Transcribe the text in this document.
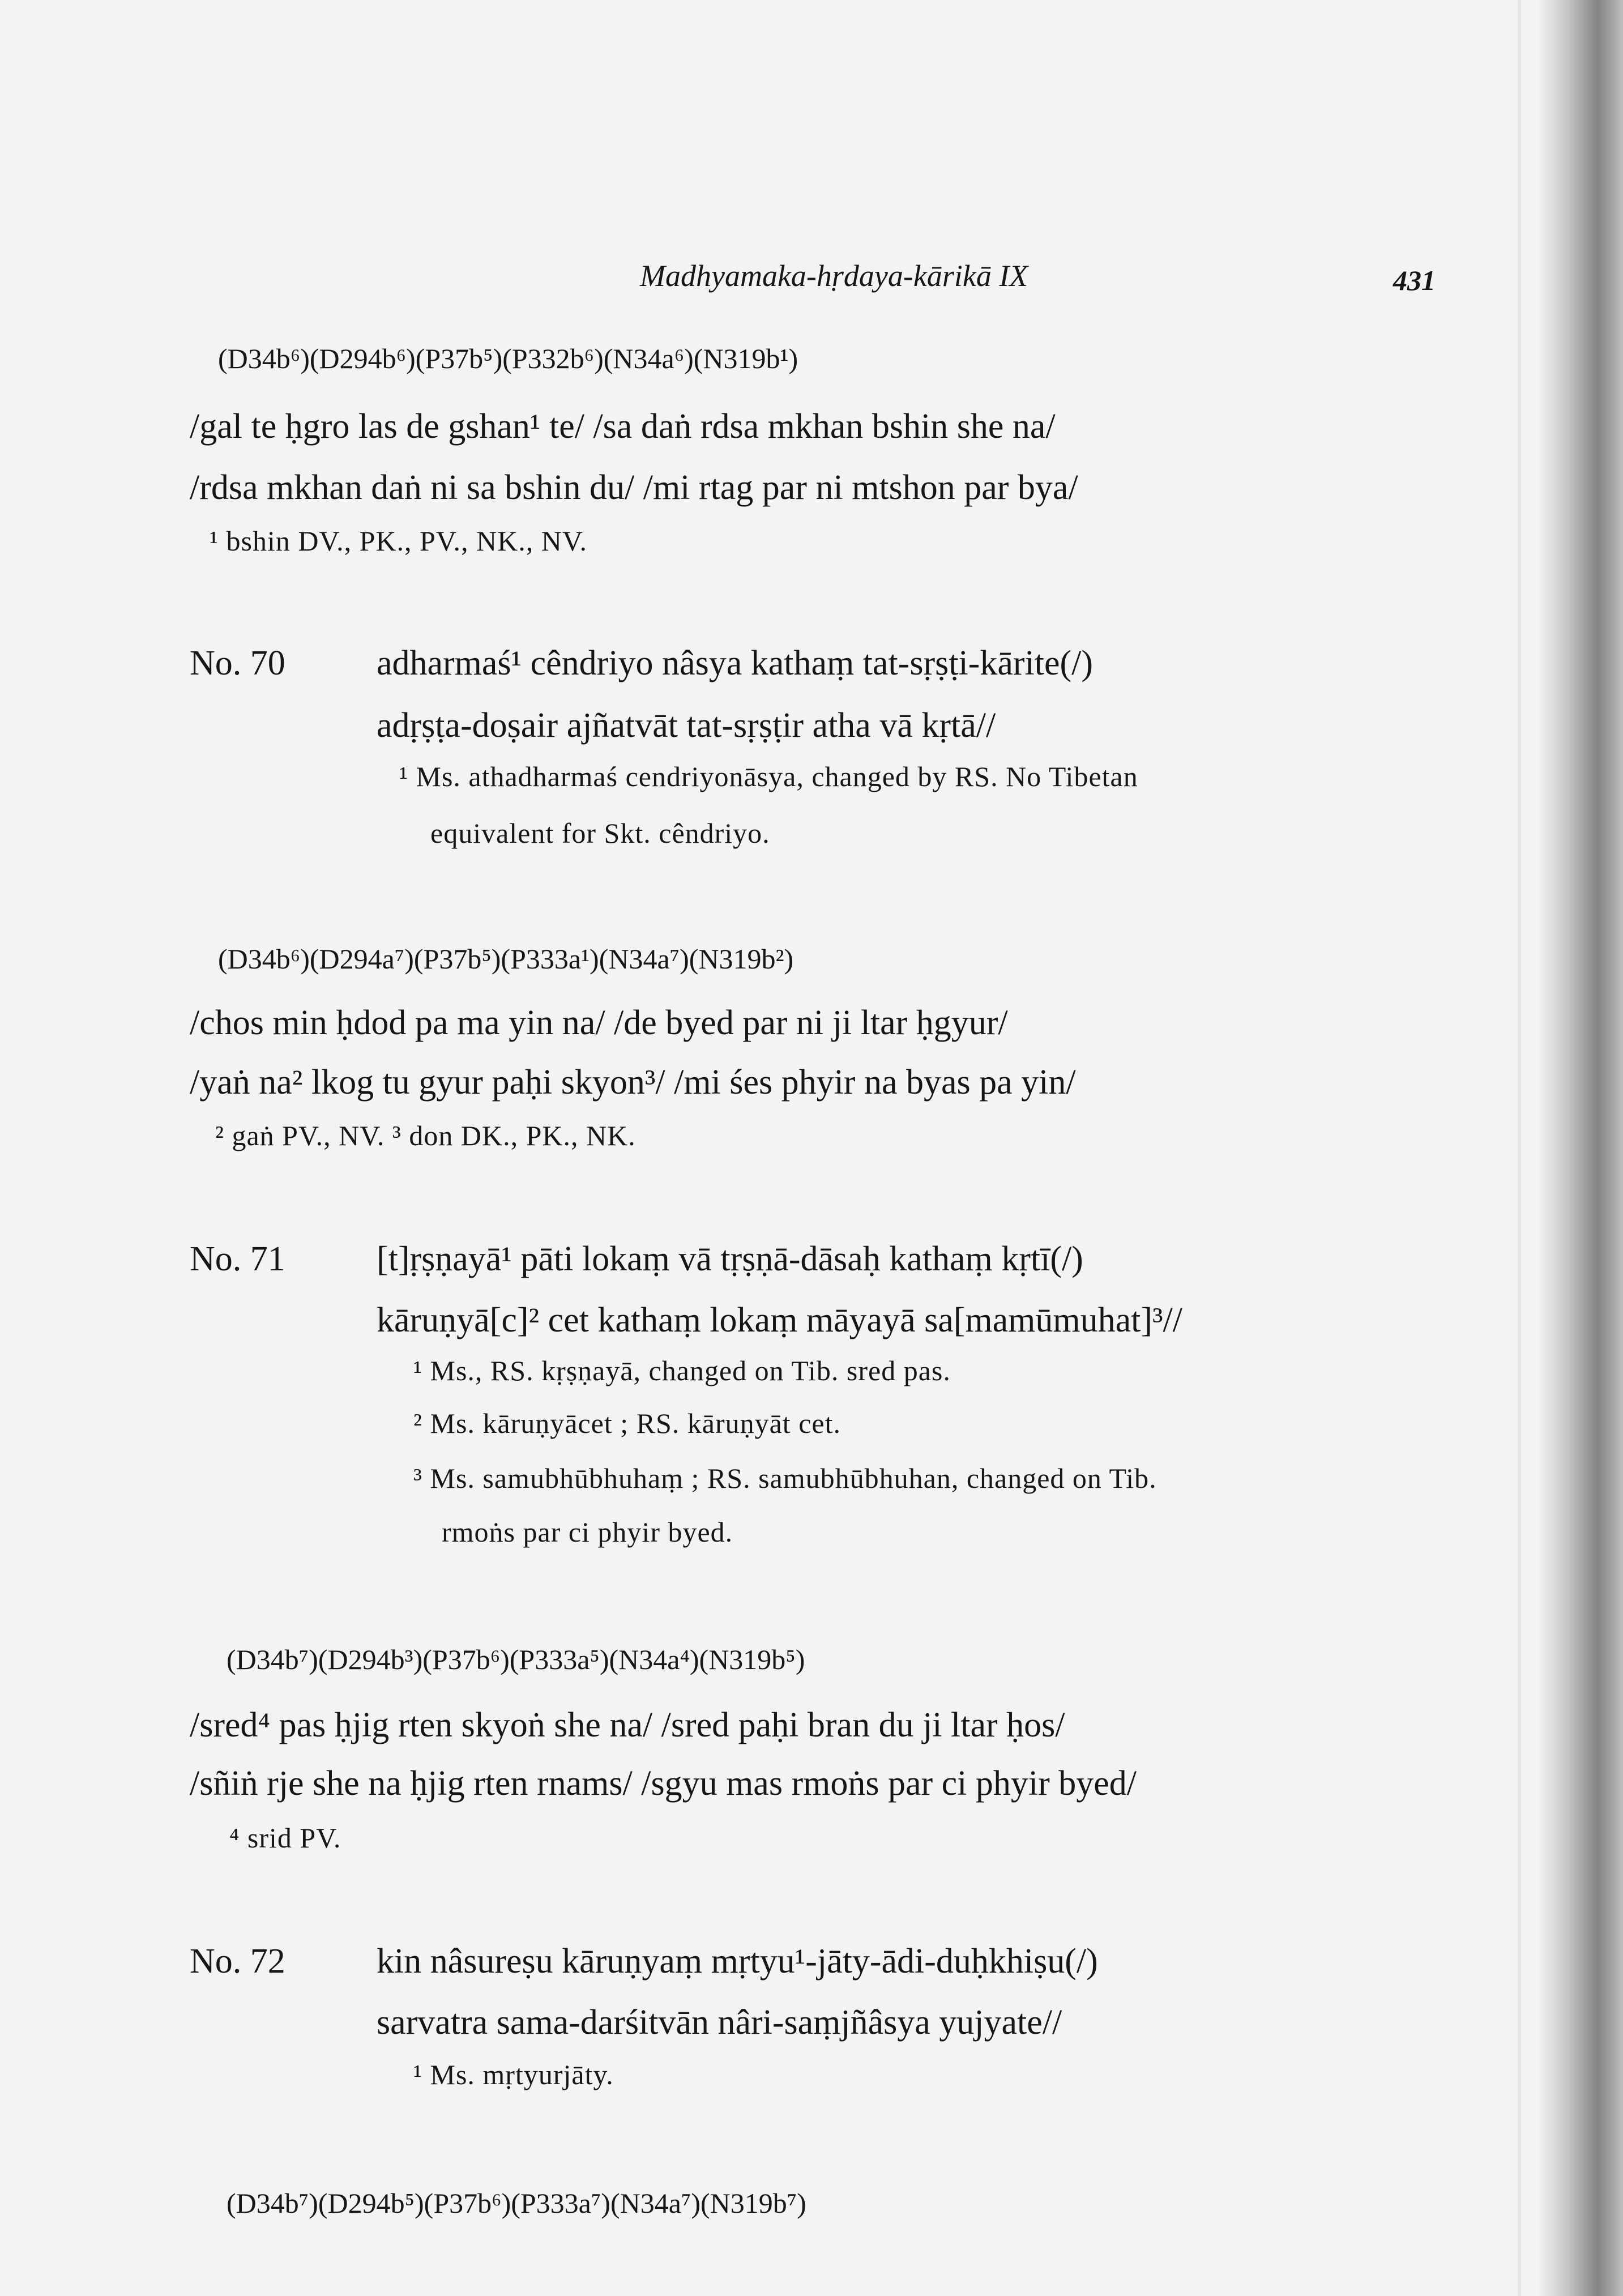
Madhyamaka-hṛdaya-kārikā IX	431
(D34b⁶)(D294b⁶)(P37b⁵)(P332b⁶)(N34a⁶)(N319b¹)
/gal te ḥgro las de gshan¹ te/ /sa daṅ rdsa mkhan bshin she na/
/rdsa mkhan daṅ ni sa bshin du/ /mi rtag par ni mtshon par bya/
¹ bshin DV., PK., PV., NK., NV.
No. 70	adharmaś¹ cêndriyo nâsya kathaṃ tat-sṛṣṭi-kārite(/)
adṛṣṭa-doṣair ajñatvāt tat-sṛṣṭir atha vā kṛtā//
¹ Ms. athadharmaś cendriyonāsya, changed by RS. No Tibetan
equivalent for Skt. cêndriyo.
(D34b⁶)(D294a⁷)(P37b⁵)(P333a¹)(N34a⁷)(N319b²)
/chos min ḥdod pa ma yin na/ /de byed par ni ji ltar ḥgyur/
/yaṅ na² lkog tu gyur paḥi skyon³/ /mi śes phyir na byas pa yin/
² gaṅ PV., NV. ³ don DK., PK., NK.
No. 71	[t]ṛṣṇayā¹ pāti lokaṃ vā tṛṣṇā-dāsaḥ kathaṃ kṛtī(/)
kāruṇyā[c]² cet kathaṃ lokaṃ māyayā sa[mamūmuhat]³//
¹ Ms., RS. kṛṣṇayā, changed on Tib. sred pas.
² Ms. kāruṇyācet ; RS. kāruṇyāt cet.
³ Ms. samubhūbhuhaṃ ; RS. samubhūbhuhan, changed on Tib.
rmoṅs par ci phyir byed.
(D34b⁷)(D294b³)(P37b⁶)(P333a⁵)(N34a⁴)(N319b⁵)
/sred⁴ pas ḥjig rten skyoṅ she na/ /sred paḥi bran du ji ltar ḥos/
/sñiṅ rje she na ḥjig rten rnams/ /sgyu mas rmoṅs par ci phyir byed/
⁴ srid PV.
No. 72	kin nâsureṣu kāruṇyaṃ mṛtyu¹-jāty-ādi-duḥkhiṣu(/)
sarvatra sama-darśitvān nâri-saṃjñâsya yujyate//
¹ Ms. mṛtyurjāty.
(D34b⁷)(D294b⁵)(P37b⁶)(P333a⁷)(N34a⁷)(N319b⁷)
